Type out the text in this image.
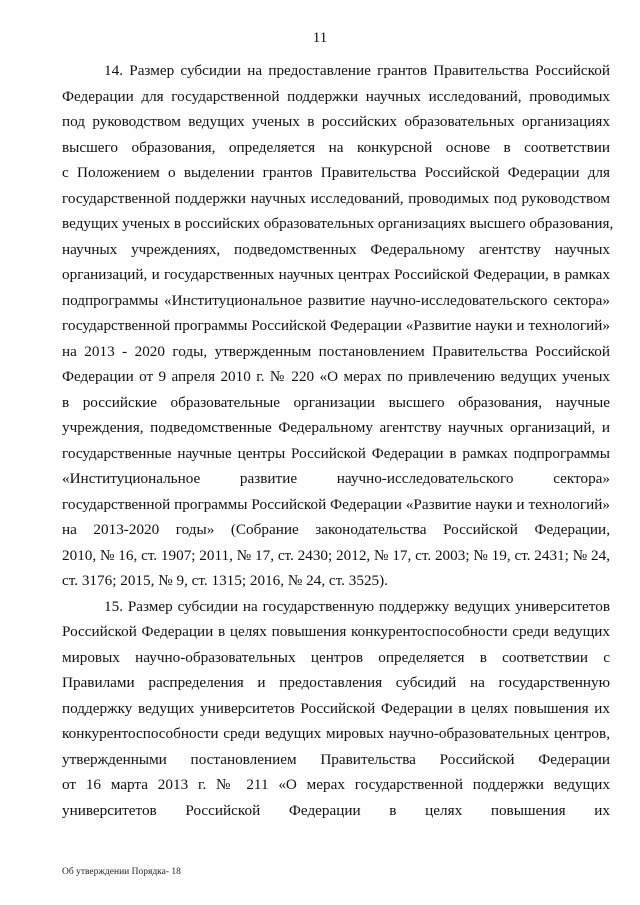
11
14. Размер субсидии на предоставление грантов Правительства Российской
Федерации для государственной поддержки научных исследований, проводимых
под руководством ведущих ученых в российских образовательных организациях
высшего образования, определяется на конкурсной основе в соответствии
с Положением о выделении грантов Правительства Российской Федерации для
государственной поддержки научных исследований, проводимых под руководством
ведущих ученых в российских образовательных организациях высшего образования,
научных учреждениях, подведомственных Федеральному агентству научных
организаций, и государственных научных центрах Российской Федерации, в рамках
подпрограммы «Институциональное развитие научно-исследовательского сектора»
государственной программы Российской Федерации «Развитие науки и технологий»
на 2013 - 2020 годы, утвержденным постановлением Правительства Российской
Федерации от 9 апреля 2010 г. № 220 «О мерах по привлечению ведущих ученых
в российские образовательные организации высшего образования, научные
учреждения, подведомственные Федеральному агентству научных организаций, и
государственные научные центры Российской Федерации в рамках подпрограммы
«Институциональное развитие научно-исследовательского сектора»
государственной программы Российской Федерации «Развитие науки и технологий»
на 2013-2020 годы» (Собрание законодательства Российской Федерации,
2010, № 16, ст. 1907; 2011, № 17, ст. 2430; 2012, № 17, ст. 2003; № 19, ст. 2431; № 24,
ст. 3176; 2015, № 9, ст. 1315; 2016, № 24, ст. 3525).
15. Размер субсидии на государственную поддержку ведущих университетов
Российской Федерации в целях повышения конкурентоспособности среди ведущих
мировых научно-образовательных центров определяется в соответствии с
Правилами распределения и предоставления субсидий на государственную
поддержку ведущих университетов Российской Федерации в целях повышения их
конкурентоспособности среди ведущих мировых научно-образовательных центров,
утвержденными постановлением Правительства Российской Федерации
от 16 марта 2013 г. № 211 «О мерах государственной поддержки ведущих
университетов Российской Федерации в целях повышения их
Об утверждении Порядка- 18
